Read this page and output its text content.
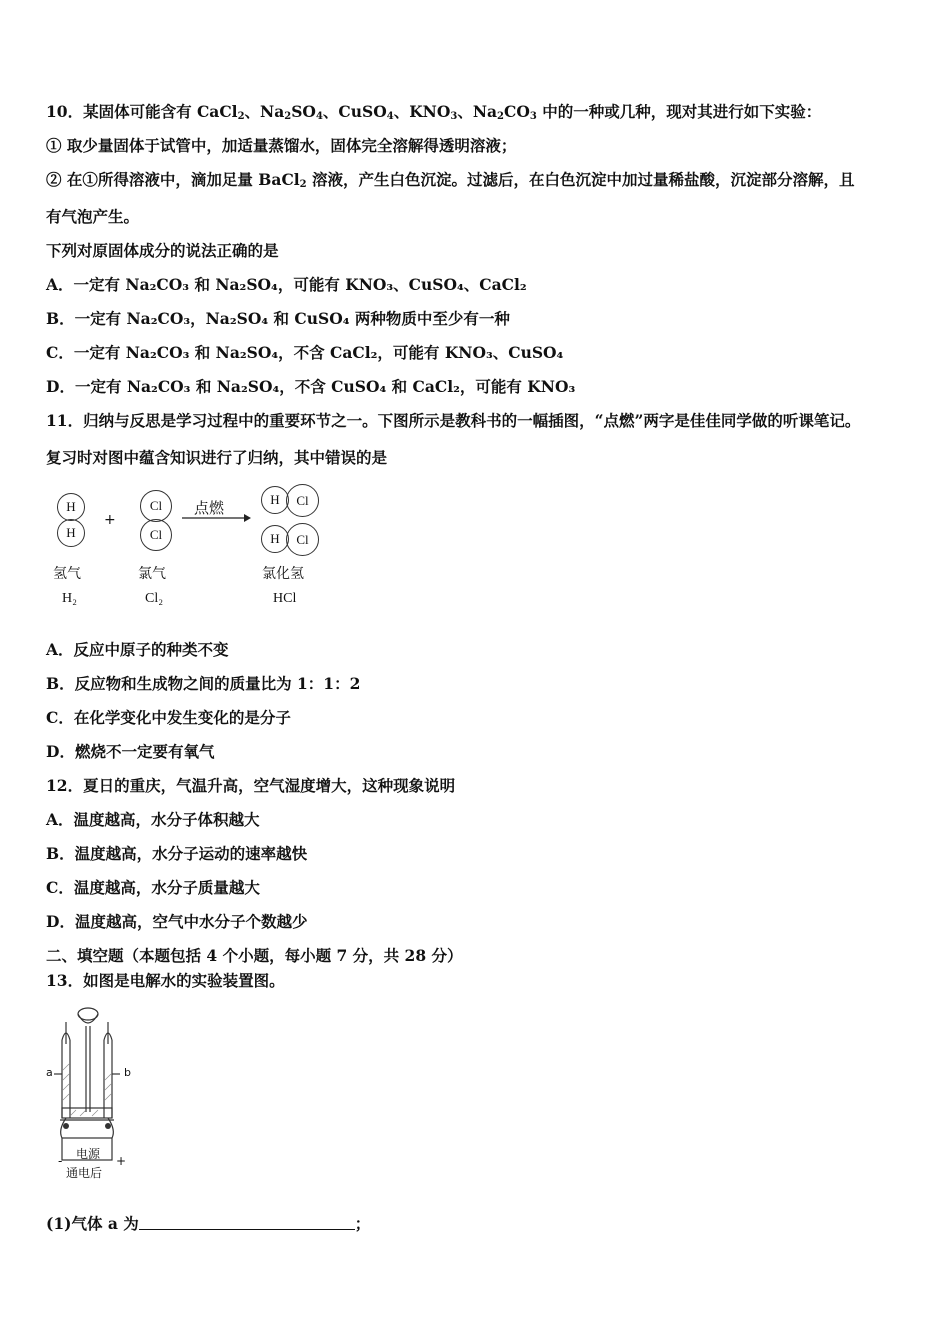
10．某固体可能含有 CaCl$_2$、$Na_2SO_4$、CuSO$_4$、$KNO_3$、$Na_2CO_3$ 中的一种或几种，现对其进行如下实验：
① 取少量固体于试管中，加适量蒸馏水，固体完全溶解得透明溶液；
② 在①所得溶液中，滴加足量 BaCl$_2$ 溶液，产生白色沉淀。过滤后，在白色沉淀中加过量稀盐酸，沉淀部分溶解，且
有气泡产生。
下列对原固体成分的说法正确的是
A．一定有 Na₂CO₃ 和 Na₂SO₄，可能有 KNO₃、CuSO₄、CaCl₂
B．一定有 Na₂CO₃，Na₂SO₄ 和 CuSO₄ 两种物质中至少有一种
C．一定有 Na₂CO₃ 和 Na₂SO₄，不含 CaCl₂，可能有 KNO₃、CuSO₄
D．一定有 Na₂CO₃ 和 Na₂SO₄，不含 CuSO₄ 和 CaCl₂，可能有 KNO₃
11．归纳与反思是学习过程中的重要环节之一。下图所示是教科书的一幅插图，“点燃”两字是佳佳同学做的听课笔记。
复习时对图中蕴含知识进行了归纳，其中错误的是
H
H
+
Cl
Cl
点燃	H	Cl
H	Cl
氢气	氯气	氯化氢
H₂	Cl₂	HCl
A．反应中原子的种类不变
B．反应物和生成物之间的质量比为 1：1：2
C．在化学变化中发生变化的是分子
D．燃烧不一定要有氧气
12．夏日的重庆，气温升高，空气湿度增大，这种现象说明
A．温度越高，水分子体积越大
B．温度越高，水分子运动的速率越快
C．温度越高，水分子质量越大
D．温度越高，空气中水分子个数越少
二、填空题（本题包括 4 个小题，每小题 7 分，共 28 分）
13．如图是电解水的实验装置图。
a	b
电源
-	+
通电后
(1)气体 a 为	；
